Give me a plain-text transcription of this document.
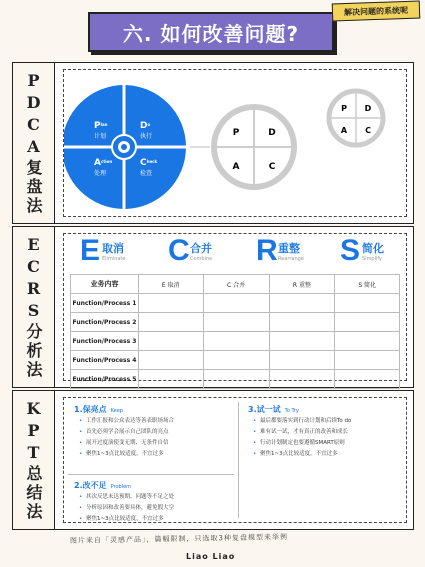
六. 如何改善问题?
解决问题的系统呢
PDCA复盘法	$P^{lan}$
计划
$D^o$
执行
$A^{ction}$
处理
$C^{heck}$
检查
P	D
A	C
P D
A C
ECRS分析法 E 取消
Eliminate C 合并
Combine R 重整
Rearrange S 简化
Simplify
业务内容	E 取消	C 合并	R 重整	S 简化
Function/Process 1				
Function/Process 2				
Function/Process 3				
Function/Process 4				
Function/Process 5				
KPT总结法	1.保亮点 Keep
• 工作汇报和公众表达等善表职场场合
• 首先必须学会展示自己团队的亮点
• 展开过度演使变无期、无条件自信
• 聚焦1~3点比较适度，不宜过多
3.试一试 To Try
• 最后都要落实到行动计划和后续To do
• 难有试一试，才有真正的改善和成长
• 行动计划制定也要遵循SMART原则
• 聚焦1~3点比较适度，不宜过多
2.改不足 Problem
• 其次反思未达预期、问题等不足之处
• 分析原因和改善要具体，避免假大空
• 聚焦1~3点比较适度，不宜过多
图片来自「灵感产品」，篇幅限制，只选取3种复盘模型来举例
Liao Liao
